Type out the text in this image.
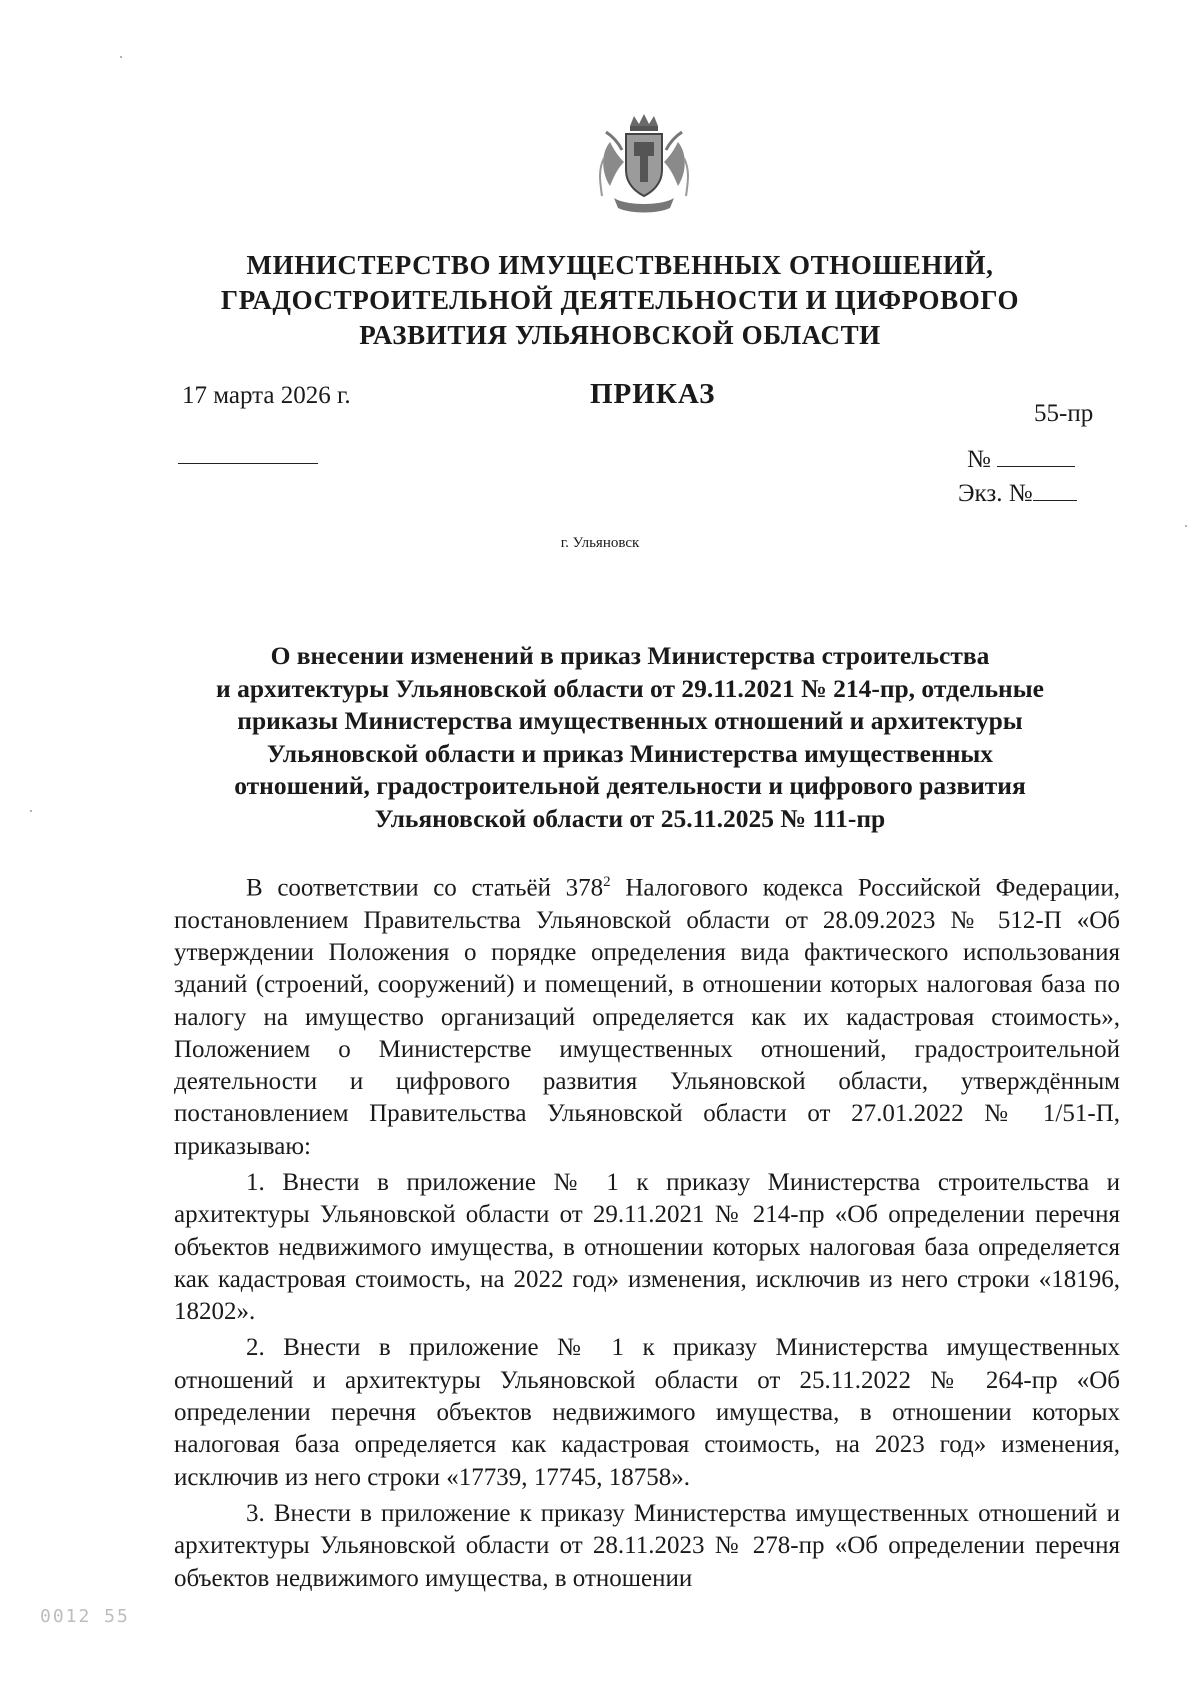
МИНИСТЕРСТВО ИМУЩЕСТВЕННЫХ ОТНОШЕНИЙ,
ГРАДОСТРОИТЕЛЬНОЙ ДЕЯТЕЛЬНОСТИ И ЦИФРОВОГО
РАЗВИТИЯ УЛЬЯНОВСКОЙ ОБЛАСТИ
17 марта 2026 г.	ПРИКАЗ
55-пр
№
Экз. №
г. Ульяновск
О внесении изменений в приказ Министерства строительства
и архитектуры Ульяновской области от 29.11.2021 № 214-пр, отдельные
приказы Министерства имущественных отношений и архитектуры
Ульяновской области и приказ Министерства имущественных
отношений, градостроительной деятельности и цифрового развития
Ульяновской области от 25.11.2025 № 111-пр

В соответствии со статьёй $378^2$ Налогового кодекса Российской Федерации, постановлением Правительства Ульяновской области от 28.09.2023 № 512-П «Об утверждении Положения о порядке определения вида фактического использования зданий (строений, сооружений) и помещений, в отношении которых налоговая база по налогу на имущество организаций определяется как их кадастровая стоимость», Положением о Министерстве имущественных отношений, градостроительной деятельности и цифрового развития Ульяновской области, утверждённым постановлением Правительства Ульяновской области от 27.01.2022 № 1/51-П, приказываю:

1. Внести в приложение № 1 к приказу Министерства строительства и архитектуры Ульяновской области от 29.11.2021 № 214-пр «Об определении перечня объектов недвижимого имущества, в отношении которых налоговая база определяется как кадастровая стоимость, на 2022 год» изменения, исключив из него строки «18196, 18202».

2. Внести в приложение № 1 к приказу Министерства имущественных отношений и архитектуры Ульяновской области от 25.11.2022 № 264-пр «Об определении перечня объектов недвижимого имущества, в отношении которых налоговая база определяется как кадастровая стоимость, на 2023 год» изменения, исключив из него строки «17739, 17745, 18758».

3. Внести в приложение к приказу Министерства имущественных отношений и архитектуры Ульяновской области от 28.11.2023 № 278-пр «Об определении перечня объектов недвижимого имущества, в отношении

0012 55
